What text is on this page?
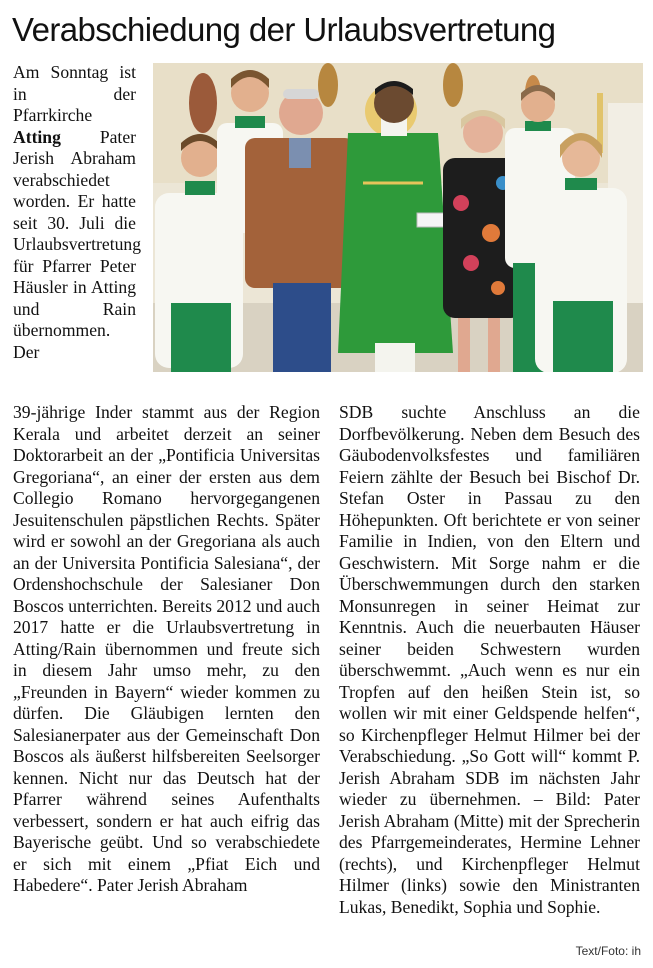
Verabschiedung der Urlaubsvertretung

Am Sonntag ist in der Pfarrkirche Atting Pater Jerish Abraham verabschiedet worden. Er hatte seit 30. Juli die Urlaubsvertretung für Pfarrer Peter Häusler in Atting und Rain übernommen. Der

39-jährige Inder stammt aus der Region Kerala und arbeitet derzeit an seiner Doktorarbeit an der „Pontificia Universitas Gregoriana“, an einer der ersten aus dem Collegio Romano hervorgegangenen Jesuitenschulen päpstlichen Rechts. Später wird er sowohl an der Gregoriana als auch an der Universita Pontificia Salesiana“, der Ordenshochschule der Salesianer Don Boscos unterrichten. Bereits 2012 und auch 2017 hatte er die Urlaubsvertretung in Atting/Rain übernommen und freute sich in diesem Jahr umso mehr, zu den „Freunden in Bayern“ wieder kommen zu dürfen. Die Gläubigen lernten den Salesianerpater aus der Gemeinschaft Don Boscos als äußerst hilfsbereiten Seelsorger kennen. Nicht nur das Deutsch hat der Pfarrer während seines Aufenthalts verbessert, sondern er hat auch eifrig das Bayerische geübt. Und so verabschiedete er sich mit einem „Pfiat Eich und Habedere“. Pater Jerish Abraham

SDB suchte Anschluss an die Dorfbevölkerung. Neben dem Besuch des Gäubodenvolksfestes und familiären Feiern zählte der Besuch bei Bischof Dr. Stefan Oster in Passau zu den Höhepunkten. Oft berichtete er von seiner Familie in Indien, von den Eltern und Geschwistern. Mit Sorge nahm er die Überschwemmungen durch den starken Monsunregen in seiner Heimat zur Kenntnis. Auch die neuerbauten Häuser seiner beiden Schwestern wurden überschwemmt. „Auch wenn es nur ein Tropfen auf den heißen Stein ist, so wollen wir mit einer Geldspende helfen“, so Kirchenpfleger Helmut Hilmer bei der Verabschiedung. „So Gott will“ kommt P. Jerish Abraham SDB im nächsten Jahr wieder zu übernehmen. – Bild: Pater Jerish Abraham (Mitte) mit der Sprecherin des Pfarrgemeinderates, Hermine Lehner (rechts), und Kirchenpfleger Helmut Hilmer (links) sowie den Ministranten Lukas, Benedikt, Sophia und Sophie.

Text/Foto: ih
